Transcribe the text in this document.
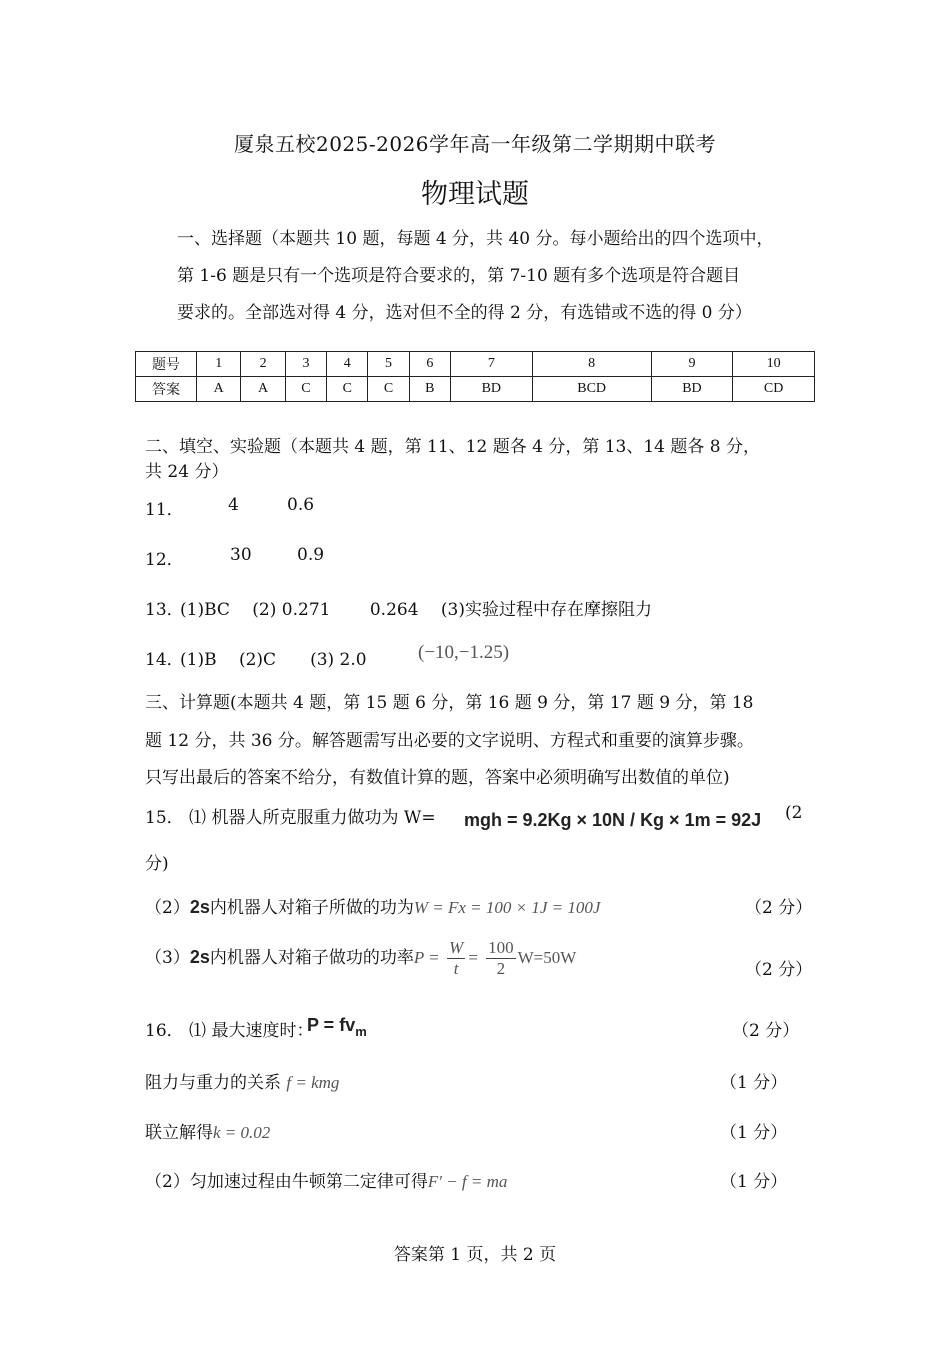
厦泉五校2025-2026学年高一年级第二学期期中联考
物理试题
一、选择题（本题共 10 题，每题 4 分，共 40 分。每小题给出的四个选项中，
第 1-6 题是只有一个选项是符合要求的，第 7-10 题有多个选项是符合题目
要求的。全部选对得 4 分，选对但不全的得 2 分，有选错或不选的得 0 分）
题号	1	2	3	4	5	6	7	8	9	10
答案	A	A	C	C	C	B	BD	BCD	BD	CD
二、填空、实验题（本题共 4 题，第 11、12 题各 4 分，第 13、14 题各 8 分，
共 24 分）
11．	4	0.6
12．	30	0.9
13．
(1)BC　 (2) 0.271　　 0.264　 (3)实验过程中存在摩擦阻力
14．
(1)B　 (2)C　　(3) 2.0	(−10,−1.25)
三、计算题(本题共 4 题，第 15 题 6 分，第 16 题 9 分，第 17 题 9 分，第 18
题 12 分，共 36 分。解答题需写出必要的文字说明、方程式和重要的演算步骤。
只写出最后的答案不给分，有数值计算的题，答案中必须明确写出数值的单位)
15． ⑴ 机器人所克服重力做功为 W= mgh = 9.2Kg × 10N / Kg × 1m = 92J (2
分)
（2）2s内机器人对箱子所做的功为W = Fx = 100 × 1J = 100J	（2 分）
（3）2s内机器人对箱子做功的功率$P = \frac{W}{t} = \frac{100}{2} W=50W$
（2 分）
16． ⑴ 最大速度时：
$P = fv_m$	（2 分）
阻力与重力的关系 f = kmg	（1 分）
联立解得k = 0.02	（1 分）
（2）匀加速过程由牛顿第二定律可得F′ − f = ma	（1 分）
答案第 1 页，共 2 页
